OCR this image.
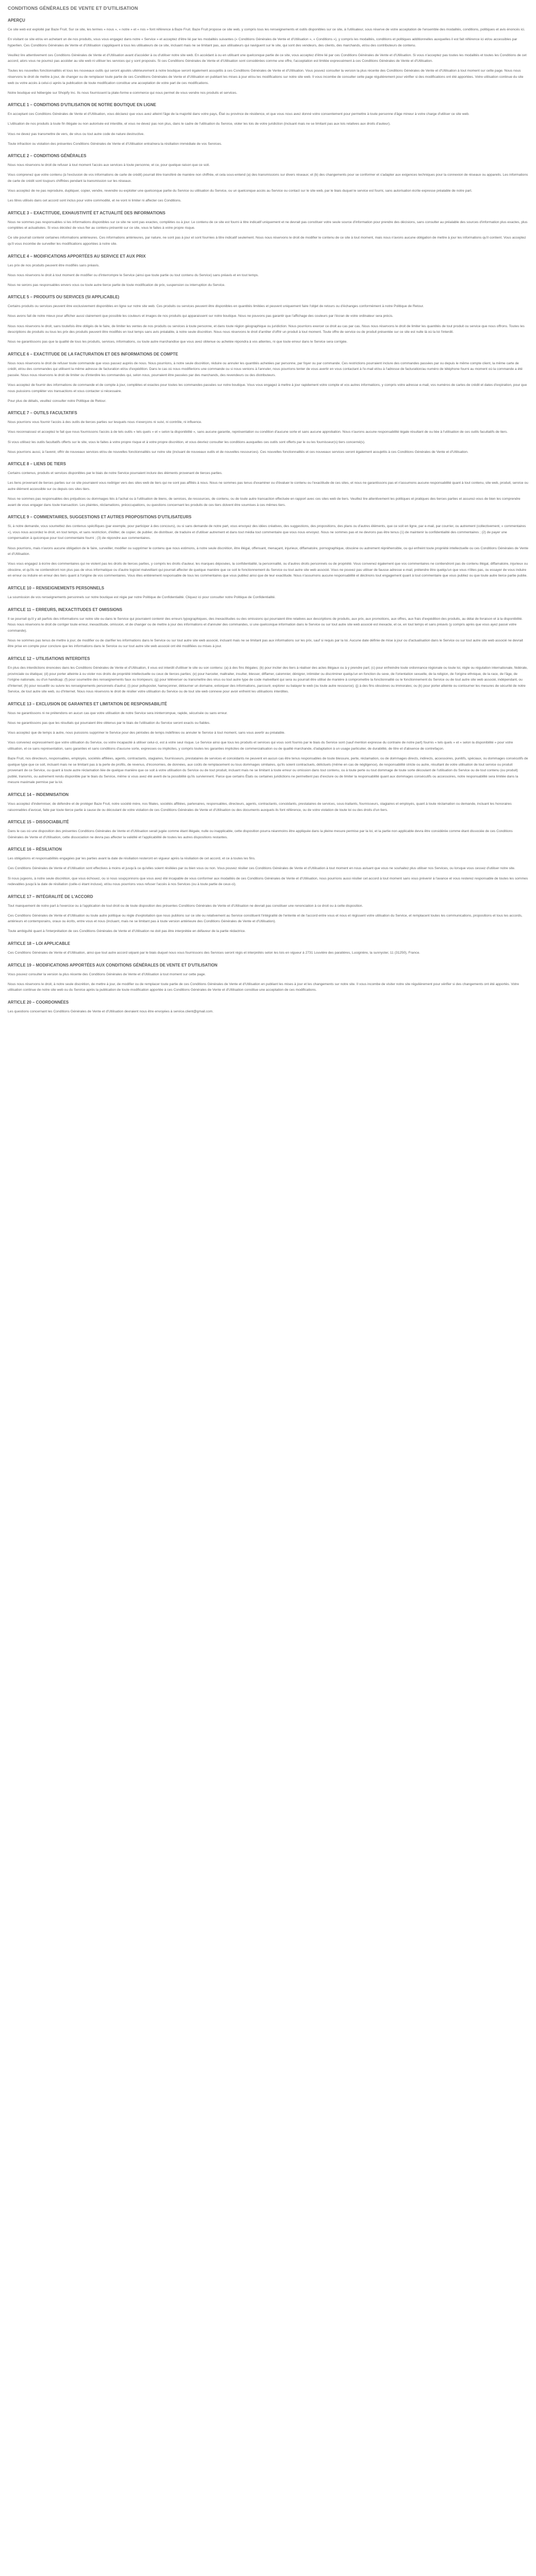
CONDITIONS GÉNÉRALES DE VENTE ET D'UTILISATION
APERÇU

Ce site web est exploité par Baze Fruit. Sur ce site, les termes « nous », « notre » et « nos » font référence à Baze Fruit. Baze Fruit propose ce site web, y compris tous les renseignements et outils disponibles sur ce site, à l'utilisateur, sous réserve de votre acceptation de l'ensemble des modalités, conditions, politiques et avis énoncés ici.

En visitant ce site et/ou en achetant un de nos produits, vous vous engagez dans notre « Service » et acceptez d'être lié par les modalités suivantes (« Conditions Générales de Vente et d'Utilisation », « Conditions »), y compris les modalités, conditions et politiques additionnelles auxquelles il est fait référence ici et/ou accessibles par hyperlien. Ces Conditions Générales de Vente et d'Utilisation s'appliquent à tous les utilisateurs de ce site, incluant mais ne se limitant pas, aux utilisateurs qui naviguent sur le site, qui sont des vendeurs, des clients, des marchands, et/ou des contributeurs de contenu.

Veuillez lire attentivement ces Conditions Générales de Vente et d'Utilisation avant d'accéder à ou d'utiliser notre site web. En accédant à ou en utilisant une quelconque partie de ce site, vous acceptez d'être lié par ces Conditions Générales de Vente et d'Utilisation. Si vous n'acceptez pas toutes les modalités et toutes les Conditions de cet accord, alors vous ne pourrez pas accéder au site web ni utiliser les services qui y sont proposés. Si ces Conditions Générales de Vente et d'Utilisation sont considérées comme une offre, l'acceptation est limitée expressément à ces Conditions Générales de Vente et d'Utilisation.

Toutes les nouvelles fonctionnalités et tous les nouveaux outils qui seront ajoutés ultérieurement à notre boutique seront également assujettis à ces Conditions Générales de Vente et d'Utilisation. Vous pouvez consulter la version la plus récente des Conditions Générales de Vente et d'Utilisation à tout moment sur cette page. Nous nous réservons le droit de mettre à jour, de changer ou de remplacer toute partie de ces Conditions Générales de Vente et d'Utilisation en publiant les mises à jour et/ou les modifications sur notre site web. Il vous incombe de consulter cette page régulièrement pour vérifier si des modifications ont été apportées. Votre utilisation continue du site web ou votre accès à celui-ci après la publication de toute modification constitue une acceptation de votre part de ces modifications.

Notre boutique est hébergée sur Shopify Inc. Ils nous fournissent la plate-forme e-commerce qui nous permet de vous vendre nos produits et services.

ARTICLE 1 – CONDITIONS D'UTILISATION DE NOTRE BOUTIQUE EN LIGNE

En acceptant ces Conditions Générales de Vente et d'Utilisation, vous déclarez que vous avez atteint l'âge de la majorité dans votre pays, État ou province de résidence, et que vous nous avez donné votre consentement pour permettre à toute personne d'âge mineur à votre charge d'utiliser ce site web.

L'utilisation de nos produits à toute fin illégale ou non autorisée est interdite, et vous ne devez pas non plus, dans le cadre de l'utilisation du Service, violer les lois de votre juridiction (incluant mais ne se limitant pas aux lois relatives aux droits d'auteur).

Vous ne devez pas transmettre de vers, de virus ou tout autre code de nature destructive.

Toute infraction ou violation des présentes Conditions Générales de Vente et d'Utilisation entraînera la résiliation immédiate de vos Services.

ARTICLE 2 – CONDITIONS GÉNÉRALES

Nous nous réservons le droit de refuser à tout moment l'accès aux services à toute personne, et ce, pour quelque raison que ce soit.

Vous comprenez que votre contenu (à l'exclusion de vos informations de carte de crédit) pourrait être transféré de manière non chiffrée, et cela sous-entend (a) des transmissions sur divers réseaux; et (b) des changements pour se conformer et s'adapter aux exigences techniques pour la connexion de réseaux ou appareils. Les informations de carte de crédit sont toujours chiffrées pendant la transmission sur les réseaux.

Vous acceptez de ne pas reproduire, dupliquer, copier, vendre, revendre ou exploiter une quelconque partie du Service ou utilisation du Service, ou un quelconque accès au Service ou contact sur le site web, par le biais duquel le service est fourni, sans autorisation écrite expresse préalable de notre part.

Les titres utilisés dans cet accord sont inclus pour votre commodité, et ne vont ni limiter ni affecter ces Conditions.

ARTICLE 3 – EXACTITUDE, EXHAUSTIVITÉ ET ACTUALITÉ DES INFORMATIONS

Nous ne sommes pas responsables si les informations disponibles sur ce site ne sont pas exactes, complètes ou à jour. Le contenu de ce site est fourni à titre indicatif uniquement et ne devrait pas constituer votre seule source d'information pour prendre des décisions, sans consulter au préalable des sources d'information plus exactes, plus complètes et actualisées. Si vous décidez de vous fier au contenu présenté sur ce site, vous le faites à votre propre risque.

Ce site pourrait contenir certaines informations antérieures. Ces informations antérieures, par nature, ne sont pas à jour et sont fournies à titre indicatif seulement. Nous nous réservons le droit de modifier le contenu de ce site à tout moment, mais nous n'avons aucune obligation de mettre à jour les informations qu'il contient. Vous acceptez qu'il vous incombe de surveiller les modifications apportées à notre site.

ARTICLE 4 – MODIFICATIONS APPORTÉES AU SERVICE ET AUX PRIX

Les prix de nos produits peuvent être modifiés sans préavis.

Nous nous réservons le droit à tout moment de modifier ou d'interrompre le Service (ainsi que toute partie ou tout contenu du Service) sans préavis et en tout temps.

Nous ne serons pas responsables envers vous ou toute autre tierce partie de toute modification de prix, suspension ou interruption du Service.

ARTICLE 5 – PRODUITS OU SERVICES (SI APPLICABLE)

Certains produits ou services peuvent être exclusivement disponibles en ligne sur notre site web. Ces produits ou services peuvent être disponibles en quantités limitées et peuvent uniquement faire l'objet de retours ou d'échanges conformément à notre Politique de Retour.

Nous avons fait de notre mieux pour afficher aussi clairement que possible les couleurs et images de nos produits qui apparaissent sur notre boutique. Nous ne pouvons pas garantir que l'affichage des couleurs par l'écran de votre ordinateur sera précis.

Nous nous réservons le droit, sans toutefois être obligés de le faire, de limiter les ventes de nos produits ou services à toute personne, et dans toute région géographique ou juridiction. Nous pourrions exercer ce droit au cas par cas. Nous nous réservons le droit de limiter les quantités de tout produit ou service que nous offrons. Toutes les descriptions de produits ou tous les prix des produits peuvent être modifiés en tout temps sans avis préalable, à notre seule discrétion. Nous nous réservons le droit d'arrêter d'offrir un produit à tout moment. Toute offre de service ou de produit présentée sur ce site est nulle là où la loi l'interdit.

Nous ne garantissons pas que la qualité de tous les produits, services, informations, ou toute autre marchandise que vous avez obtenue ou achetée répondra à vos attentes, ni que toute erreur dans le Service sera corrigée.

ARTICLE 6 – EXACTITUDE DE LA FACTURATION ET DES INFORMATIONS DE COMPTE

Nous nous réservons le droit de refuser toute commande que vous passez auprès de nous. Nous pourrions, à notre seule discrétion, réduire ou annuler les quantités achetées par personne, par foyer ou par commande. Ces restrictions pourraient inclure des commandes passées par ou depuis le même compte client, la même carte de crédit, et/ou des commandes qui utilisent la même adresse de facturation et/ou d'expédition. Dans le cas où nous modifierions une commande ou si nous venions à l'annuler, nous pourrions tenter de vous avertir en vous contactant à l'e-mail et/ou à l'adresse de facturation/au numéro de téléphone fourni au moment où la commande a été passée. Nous nous réservons le droit de limiter ou d'interdire les commandes qui, selon nous, pourraient être passées par des marchands, des revendeurs ou des distributeurs.

Vous acceptez de fournir des informations de commande et de compte à jour, complètes et exactes pour toutes les commandes passées sur notre boutique. Vous vous engagez à mettre à jour rapidement votre compte et vos autres informations, y compris votre adresse e-mail, vos numéros de cartes de crédit et dates d'expiration, pour que nous puissions compléter vos transactions et vous contacter si nécessaire.

Pour plus de détails, veuillez consulter notre Politique de Retour.

ARTICLE 7 – OUTILS FACULTATIFS

Nous pourrions vous fournir l'accès à des outils de tierces parties sur lesquels nous n'exerçons ni suivi, ni contrôle, ni influence.

Vous reconnaissez et acceptez le fait que nous fournissons l'accès à de tels outils « tels quels » et « selon la disponibilité », sans aucune garantie, représentation ou condition d'aucune sorte et sans aucune approbation. Nous n'aurons aucune responsabilité légale résultant de ou liée à l'utilisation de ces outils facultatifs de tiers.

Si vous utilisez les outils facultatifs offerts sur le site, vous le faites à votre propre risque et à votre propre discrétion, et vous devriez consulter les conditions auxquelles ces outils sont offerts par le ou les fournisseur(s) tiers concerné(s).

Nous pourrions aussi, à l'avenir, offrir de nouveaux services et/ou de nouvelles fonctionnalités sur notre site (incluant de nouveaux outils et de nouvelles ressources). Ces nouvelles fonctionnalités et ces nouveaux services seront également assujettis à ces Conditions Générales de Vente et d'Utilisation.

ARTICLE 8 – LIENS DE TIERS

Certains contenus, produits et services disponibles par le biais de notre Service pourraient inclure des éléments provenant de tierces parties.

Les liens provenant de tierces parties sur ce site pourraient vous rediriger vers des sites web de tiers qui ne sont pas affiliés à nous. Nous ne sommes pas tenus d'examiner ou d'évaluer le contenu ou l'exactitude de ces sites, et nous ne garantissons pas et n'assumons aucune responsabilité quant à tout contenu, site web, produit, service ou autre élément accessible sur ou depuis ces sites tiers.

Nous ne sommes pas responsables des préjudices ou dommages liés à l'achat ou à l'utilisation de biens, de services, de ressources, de contenu, ou de toute autre transaction effectuée en rapport avec ces sites web de tiers. Veuillez lire attentivement les politiques et pratiques des tierces parties et assurez-vous de bien les comprendre avant de vous engager dans toute transaction. Les plaintes, réclamations, préoccupations, ou questions concernant les produits de ces tiers doivent être soumises à ces mêmes tiers.

ARTICLE 9 – COMMENTAIRES, SUGGESTIONS ET AUTRES PROPOSITIONS D'UTILISATEURS

Si, à notre demande, vous soumettez des contenus spécifiques (par exemple, pour participer à des concours), ou si sans demande de notre part, vous envoyez des idées créatives, des suggestions, des propositions, des plans ou d'autres éléments, que ce soit en ligne, par e-mail, par courrier, ou autrement (collectivement, « commentaires »), vous nous accordez le droit, en tout temps, et sans restriction, d'éditer, de copier, de publier, de distribuer, de traduire et d'utiliser autrement et dans tout média tout commentaire que vous nous envoyez. Nous ne sommes pas et ne devrons pas être tenus (1) de maintenir la confidentialité des commentaires ; (2) de payer une compensation à quiconque pour tout commentaire fourni ; (3) de répondre aux commentaires.

Nous pourrions, mais n'avons aucune obligation de le faire, surveiller, modifier ou supprimer le contenu que nous estimons, à notre seule discrétion, être illégal, offensant, menaçant, injurieux, diffamatoire, pornographique, obscène ou autrement répréhensible, ou qui enfreint toute propriété intellectuelle ou ces Conditions Générales de Vente et d'Utilisation.

Vous vous engagez à écrire des commentaires qui ne violent pas les droits de tierces parties, y compris les droits d'auteur, les marques déposées, la confidentialité, la personnalité, ou d'autres droits personnels ou de propriété. Vous convenez également que vos commentaires ne contiendront pas de contenu illégal, diffamatoire, injurieux ou obscène, et qu'ils ne contiendront non plus pas de virus informatique ou d'autre logiciel malveillant qui pourrait affecter de quelque manière que ce soit le fonctionnement du Service ou tout autre site web associé. Vous ne pouvez pas utiliser de fausse adresse e-mail, prétendre être quelqu'un que vous n'êtes pas, ou essayer de vous induire en erreur ou induire en erreur des tiers quant à l'origine de vos commentaires. Vous êtes entièrement responsable de tous les commentaires que vous publiez ainsi que de leur exactitude. Nous n'assumons aucune responsabilité et déclinons tout engagement quant à tout commentaire que vous publiez ou que toute autre tierce partie publie.

ARTICLE 10 – RENSEIGNEMENTS PERSONNELS

La soumission de vos renseignements personnels sur notre boutique est régie par notre Politique de Confidentialité. Cliquez ici pour consulter notre Politique de Confidentialité.

ARTICLE 11 – ERREURS, INEXACTITUDES ET OMISSIONS

Il se pourrait qu'il y ait parfois des informations sur notre site ou dans le Service qui pourraient contenir des erreurs typographiques, des inexactitudes ou des omissions qui pourraient être relatives aux descriptions de produits, aux prix, aux promotions, aux offres, aux frais d'expédition des produits, au délai de livraison et à la disponibilité. Nous nous réservons le droit de corriger toute erreur, inexactitude, omission, et de changer ou de mettre à jour des informations et d'annuler des commandes, si une quelconque information dans le Service ou sur tout autre site web associé est inexacte, et ce, en tout temps et sans préavis (y compris après que vous ayez passé votre commande).

Nous ne sommes pas tenus de mettre à jour, de modifier ou de clarifier les informations dans le Service ou sur tout autre site web associé, incluant mais ne se limitant pas aux informations sur les prix, sauf si requis par la loi. Aucune date définie de mise à jour ou d'actualisation dans le Service ou sur tout autre site web associé ne devrait être prise en compte pour conclure que les informations dans le Service ou sur tout autre site web associé ont été modifiées ou mises à jour.

ARTICLE 12 – UTILISATIONS INTERDITES

En plus des interdictions énoncées dans les Conditions Générales de Vente et d'Utilisation, il vous est interdit d'utiliser le site ou son contenu: (a) à des fins illégales; (b) pour inciter des tiers à réaliser des actes illégaux ou à y prendre part; (c) pour enfreindre toute ordonnance régionale ou toute loi, règle ou régulation internationale, fédérale, provinciale ou étatique; (d) pour porter atteinte à ou violer nos droits de propriété intellectuelle ou ceux de tierces parties; (e) pour harceler, maltraiter, insulter, blesser, diffamer, calomnier, dénigrer, intimider ou discriminer quelqu'un en fonction du sexe, de l'orientation sexuelle, de la religion, de l'origine ethnique, de la race, de l'âge, de l'origine nationale, ou d'un handicap; (f) pour soumettre des renseignements faux ou trompeurs; (g) pour téléverser ou transmettre des virus ou tout autre type de code malveillant qui sera ou pourrait être utilisé de manière à compromettre la fonctionnalité ou le fonctionnement du Service ou de tout autre site web associé, indépendant, ou d'Internet; (h) pour recueillir ou suivre les renseignements personnels d'autrui; (i) pour polluposter, hameçonner, détourner un domaine, extorquer des informations, parcourir, explorer ou balayer le web (ou toute autre ressource); (j) à des fins obscènes ou immorales; ou (k) pour porter atteinte ou contourner les mesures de sécurité de notre Service, de tout autre site web, ou d'Internet. Nous nous réservons le droit de résilier votre utilisation du Service ou de tout site web connexe pour avoir enfreint les utilisations interdites.

ARTICLE 13 – EXCLUSION DE GARANTIES ET LIMITATION DE RESPONSABILITÉ

Nous ne garantissons ni ne prétendons en aucun cas que votre utilisation de notre Service sera ininterrompue, rapide, sécurisée ou sans erreur.

Nous ne garantissons pas que les résultats qui pourraient être obtenus par le biais de l'utilisation du Service seront exacts ou fiables.

Vous acceptez que de temps à autre, nous puissions supprimer le Service pour des périodes de temps indéfinies ou annuler le Service à tout moment, sans vous avertir au préalable.

Vous convenez expressément que votre utilisation du Service, ou votre incapacité à utiliser celui-ci, est à votre seul risque. Le Service ainsi que tous les produits et services qui vous sont fournis par le biais du Service sont (sauf mention expresse du contraire de notre part) fournis « tels quels » et « selon la disponibilité » pour votre utilisation, et ce sans représentation, sans garanties et sans conditions d'aucune sorte, expresses ou implicites, y compris toutes les garanties implicites de commercialisation ou de qualité marchande, d'adaptation à un usage particulier, de durabilité, de titre et d'absence de contrefaçon.

Baze Fruit, nos directeurs, responsables, employés, sociétés affiliées, agents, contractants, stagiaires, fournisseurs, prestataires de services et concédants ne peuvent en aucun cas être tenus responsables de toute blessure, perte, réclamation, ou de dommages directs, indirects, accessoires, punitifs, spéciaux, ou dommages consécutifs de quelque type que ce soit, incluant mais ne se limitant pas à la perte de profits, de revenus, d'économies, de données, aux coûts de remplacement ou tous dommages similaires, qu'ils soient contractuels, délictuels (même en cas de négligence), de responsabilité stricte ou autre, résultant de votre utilisation de tout service ou produit provenant de ce Service, ou quant à toute autre réclamation liée de quelque manière que ce soit à votre utilisation du Service ou de tout produit, incluant mais ne se limitant à toute erreur ou omission dans tout contenu, ou à toute perte ou tout dommage de toute sorte découlant de l'utilisation du Service ou de tout contenu (ou produit) publié, transmis, ou autrement rendu disponible par le biais du Service, même si vous avez été averti de la possibilité qu'ils surviennent. Parce que certains États ou certaines juridictions ne permettent pas d'exclure ou de limiter la responsabilité quant aux dommages consécutifs ou accessoires, notre responsabilité sera limitée dans la mesure maximale permise par la loi.

ARTICLE 14 – INDEMNISATION

Vous acceptez d'indemniser, de défendre et de protéger Baze Fruit, notre société mère, nos filiales, sociétés affiliées, partenaires, responsables, directeurs, agents, contractants, concédants, prestataires de services, sous-traitants, fournisseurs, stagiaires et employés, quant à toute réclamation ou demande, incluant les honoraires raisonnables d'avocat, faite par toute tierce partie à cause de ou découlant de votre violation de ces Conditions Générales de Vente et d'Utilisation ou des documents auxquels ils font référence, ou de votre violation de toute loi ou des droits d'un tiers.

ARTICLE 15 – DISSOCIABILITÉ

Dans le cas où une disposition des présentes Conditions Générales de Vente et d'Utilisation serait jugée comme étant illégale, nulle ou inapplicable, cette disposition pourra néanmoins être appliquée dans la pleine mesure permise par la loi, et la partie non applicable devra être considérée comme étant dissociée de ces Conditions Générales de Vente et d'Utilisation, cette dissociation ne devra pas affecter la validité et l'applicabilité de toutes les autres dispositions restantes.

ARTICLE 16 – RÉSILIATION

Les obligations et responsabilités engagées par les parties avant la date de résiliation resteront en vigueur après la résiliation de cet accord, et ce à toutes les fins.

Ces Conditions Générales de Vente et d'Utilisation sont effectives à moins et jusqu'à ce qu'elles soient résiliées par ou bien vous ou non. Vous pouvez résilier ces Conditions Générales de Vente et d'Utilisation à tout moment en nous avisant que vous ne souhaitez plus utiliser nos Services, ou lorsque vous cessez d'utiliser notre site.

Si nous jugeons, à notre seule discrétion, que vous échouez, ou si nous soupçonnons que vous avez été incapable de vous conformer aux modalités de ces Conditions Générales de Vente et d'Utilisation, nous pourrions aussi résilier cet accord à tout moment sans vous prévenir à l'avance et vous resterez responsable de toutes les sommes redevables jusqu'à la date de résiliation (celle-ci étant incluse), et/ou nous pourrions vous refuser l'accès à nos Services (ou à toute partie de ceux-ci).

ARTICLE 17 – INTÉGRALITÉ DE L'ACCORD

Tout manquement de notre part à l'exercice ou à l'application de tout droit ou de toute disposition des présentes Conditions Générales de Vente et d'Utilisation ne devrait pas constituer une renonciation à ce droit ou à cette disposition.

Ces Conditions Générales de Vente et d'Utilisation ou toute autre politique ou règle d'exploitation que nous publions sur ce site ou relativement au Service constituent l'intégralité de l'entente et de l'accord entre vous et nous et régissent votre utilisation du Service, et remplacent toutes les communications, propositions et tous les accords, antérieurs et contemporains, oraux ou écrits, entre vous et nous (incluant, mais ne se limitant pas à toute version antérieure des Conditions Générales de Vente et d'Utilisation).

Toute ambiguïté quant à l'interprétation de ces Conditions Générales de Vente et d'Utilisation ne doit pas être interprétée en défaveur de la partie rédactrice.

ARTICLE 18 – LOI APPLICABLE

Ces Conditions Générales de Vente et d'Utilisation, ainsi que tout autre accord séparé par le biais duquel nous vous fournissons des Services seront régis et interprétés selon les lois en vigueur à 2731 Louvière des paratières, Lusignière, la sunnyster, 11 (31250), France.

ARTICLE 19 – MODIFICATIONS APPORTÉES AUX CONDITIONS GÉNÉRALES DE VENTE ET D'UTILISATION

Vous pouvez consulter la version la plus récente des Conditions Générales de Vente et d'Utilisation à tout moment sur cette page.

Nous nous réservons le droit, à notre seule discrétion, de mettre à jour, de modifier ou de remplacer toute partie de ces Conditions Générales de Vente et d'Utilisation en publiant les mises à jour et les changements sur notre site. Il vous incombe de visiter notre site régulièrement pour vérifier si des changements ont été apportés. Votre utilisation continue de notre site web ou du Service après la publication de toute modification apportée à ces Conditions Générales de Vente et d'Utilisation constitue une acceptation de ces modifications.

ARTICLE 20 – COORDONNÉES

Les questions concernant les Conditions Générales de Vente et d'Utilisation devraient nous être envoyées à service.client@gmail.com.
